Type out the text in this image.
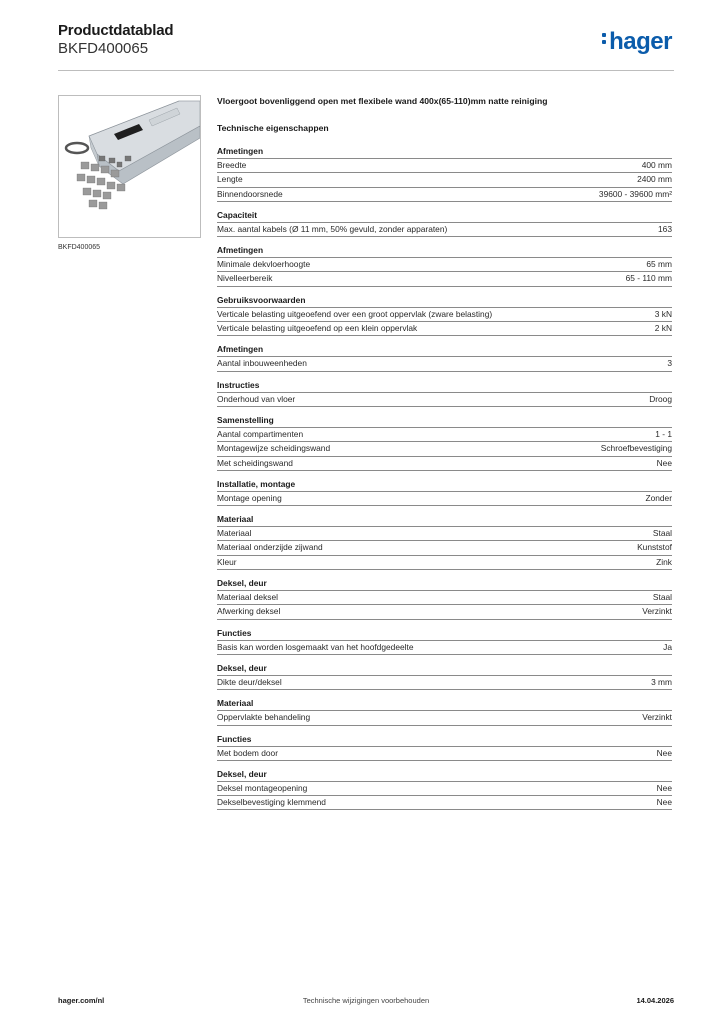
Productdatablad
BKFD400065	hager
BKFD400065
Vloergoot bovenliggend open met flexibele wand 400x(65-110)mm natte reiniging
Technische eigenschappen
Afmetingen
Breedte	400 mm
Lengte	2400 mm
Binnendoorsnede	39600 - 39600 mm²
Capaciteit
Max. aantal kabels (Ø 11 mm, 50% gevuld, zonder apparaten)	163
Afmetingen
Minimale dekvloerhoogte	65 mm
Nivelleerbereik	65 - 110 mm
Gebruiksvoorwaarden
Verticale belasting uitgeoefend over een groot oppervlak (zware belasting)	3 kN
Verticale belasting uitgeoefend op een klein oppervlak	2 kN
Afmetingen
Aantal inbouweenheden	3
Instructies
Onderhoud van vloer	Droog
Samenstelling
Aantal compartimenten	1 - 1
Montagewijze scheidingswand	Schroefbevestiging
Met scheidingswand	Nee
Installatie, montage
Montage opening	Zonder
Materiaal
Materiaal	Staal
Materiaal onderzijde zijwand	Kunststof
Kleur	Zink
Deksel, deur
Materiaal deksel	Staal
Afwerking deksel	Verzinkt
Functies
Basis kan worden losgemaakt van het hoofdgedeelte	Ja
Deksel, deur
Dikte deur/deksel	3 mm
Materiaal
Oppervlakte behandeling	Verzinkt
Functies
Met bodem door	Nee
Deksel, deur
Deksel montageopening	Nee
Dekselbevestiging klemmend	Nee
hager.com/nl	Technische wijzigingen voorbehouden	14.04.2026
